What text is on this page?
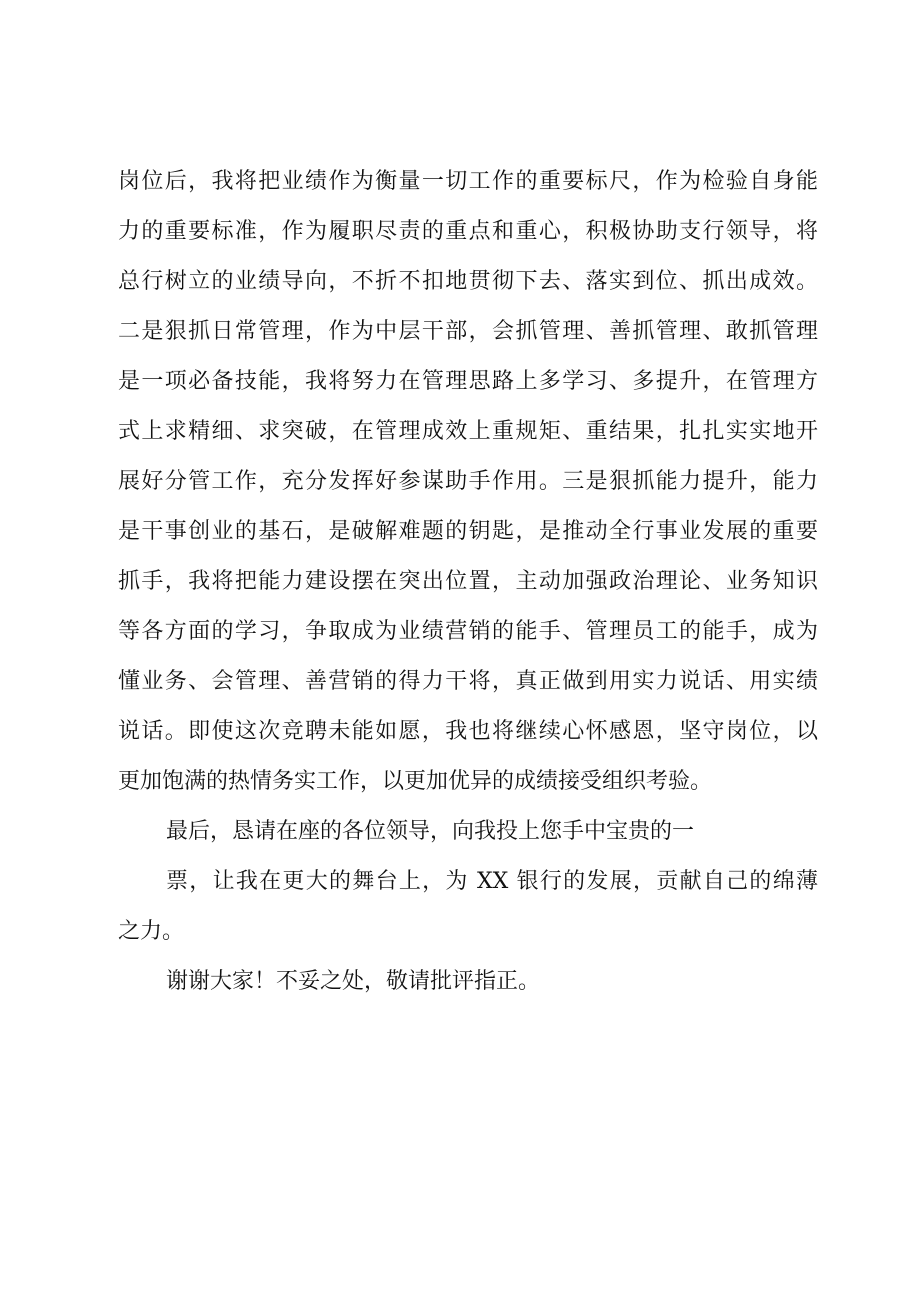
岗位后，我将把业绩作为衡量一切工作的重要标尺，作为检验自身能
力的重要标准，作为履职尽责的重点和重心，积极协助支行领导，将
总行树立的业绩导向，不折不扣地贯彻下去、落实到位、抓出成效。
二是狠抓日常管理，作为中层干部，会抓管理、善抓管理、敢抓管理
是一项必备技能，我将努力在管理思路上多学习、多提升，在管理方
式上求精细、求突破，在管理成效上重规矩、重结果，扎扎实实地开
展好分管工作，充分发挥好参谋助手作用。三是狠抓能力提升，能力
是干事创业的基石，是破解难题的钥匙，是推动全行事业发展的重要
抓手，我将把能力建设摆在突出位置，主动加强政治理论、业务知识
等各方面的学习，争取成为业绩营销的能手、管理员工的能手，成为
懂业务、会管理、善营销的得力干将，真正做到用实力说话、用实绩
说话。即使这次竞聘未能如愿，我也将继续心怀感恩，坚守岗位，以
更加饱满的热情务实工作，以更加优异的成绩接受组织考验。
最后，恳请在座的各位领导，向我投上您手中宝贵的一
票，让我在更大的舞台上，为 XX 银行的发展，贡献自己的绵薄
之力。
谢谢大家！不妥之处，敬请批评指正。
